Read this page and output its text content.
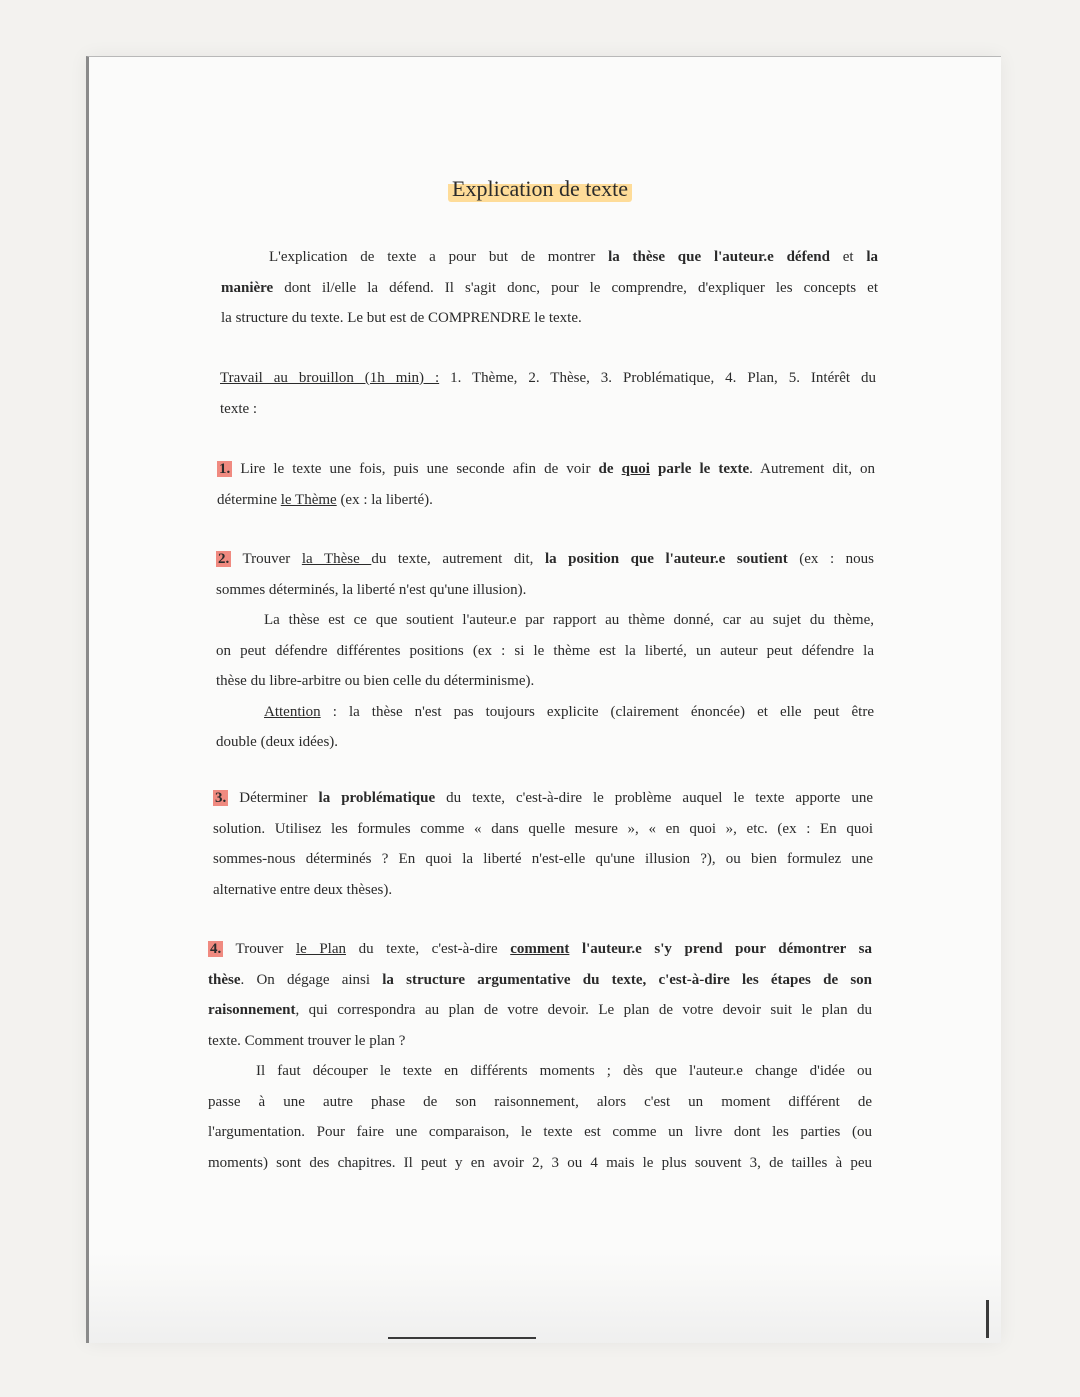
Explication de texte
L'explication de texte a pour but de montrer la thèse que l'auteur.e défend et la
manière dont il/elle la défend. Il s'agit donc, pour le comprendre, d'expliquer les concepts et
la structure du texte. Le but est de COMPRENDRE le texte.
Travail au brouillon (1h min) : 1. Thème, 2. Thèse, 3. Problématique, 4. Plan, 5. Intérêt du
texte :
1. Lire le texte une fois, puis une seconde afin de voir de quoi parle le texte. Autrement dit, on
détermine le Thème (ex : la liberté).
2. Trouver la Thèse du texte, autrement dit, la position que l'auteur.e soutient (ex : nous
sommes déterminés, la liberté n'est qu'une illusion).
La thèse est ce que soutient l'auteur.e par rapport au thème donné, car au sujet du thème,
on peut défendre différentes positions (ex : si le thème est la liberté, un auteur peut défendre la
thèse du libre-arbitre ou bien celle du déterminisme).
Attention : la thèse n'est pas toujours explicite (clairement énoncée) et elle peut être
double (deux idées).
3. Déterminer la problématique du texte, c'est-à-dire le problème auquel le texte apporte une
solution. Utilisez les formules comme « dans quelle mesure », « en quoi », etc. (ex : En quoi
sommes-nous déterminés ? En quoi la liberté n'est-elle qu'une illusion ?), ou bien formulez une
alternative entre deux thèses).
4. Trouver le Plan du texte, c'est-à-dire comment l'auteur.e s'y prend pour démontrer sa
thèse. On dégage ainsi la structure argumentative du texte, c'est-à-dire les étapes de son
raisonnement, qui correspondra au plan de votre devoir. Le plan de votre devoir suit le plan du
texte. Comment trouver le plan ?
Il faut découper le texte en différents moments ; dès que l'auteur.e change d'idée ou
passe à une autre phase de son raisonnement, alors c'est un moment différent de
l'argumentation. Pour faire une comparaison, le texte est comme un livre dont les parties (ou
moments) sont des chapitres. Il peut y en avoir 2, 3 ou 4 mais le plus souvent 3, de tailles à peu
